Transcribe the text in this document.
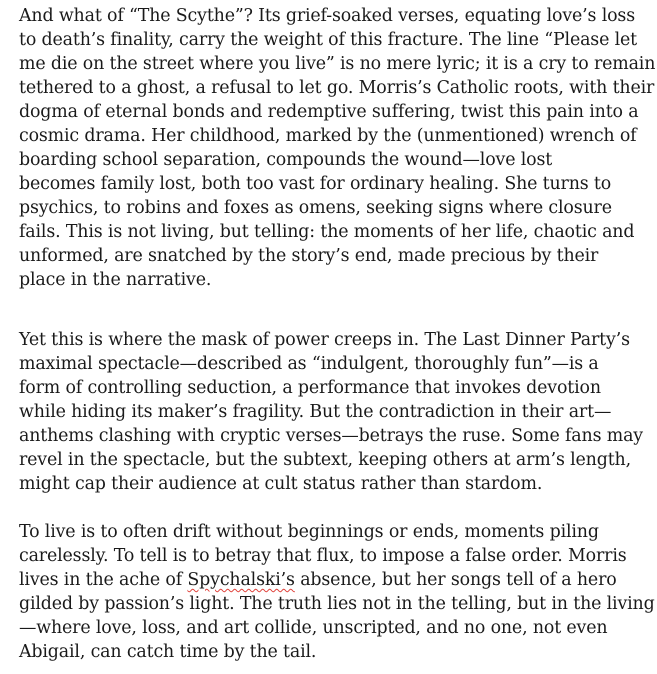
And what of “The Scythe”? Its grief-soaked verses, equating love’s loss
to death’s finality, carry the weight of this fracture. The line “Please let
me die on the street where you live” is no mere lyric; it is a cry to remain
tethered to a ghost, a refusal to let go. Morris’s Catholic roots, with their
dogma of eternal bonds and redemptive suffering, twist this pain into a
cosmic drama. Her childhood, marked by the (unmentioned) wrench of
boarding school separation, compounds the wound—love lost
becomes family lost, both too vast for ordinary healing. She turns to
psychics, to robins and foxes as omens, seeking signs where closure
fails. This is not living, but telling: the moments of her life, chaotic and
unformed, are snatched by the story’s end, made precious by their
place in the narrative.
Yet this is where the mask of power creeps in. The Last Dinner Party’s
maximal spectacle—described as “indulgent, thoroughly fun”—is a
form of controlling seduction, a performance that invokes devotion
while hiding its maker’s fragility. But the contradiction in their art—
anthems clashing with cryptic verses—betrays the ruse. Some fans may
revel in the spectacle, but the subtext, keeping others at arm’s length,
might cap their audience at cult status rather than stardom.
To live is to often drift without beginnings or ends, moments piling
carelessly. To tell is to betray that flux, to impose a false order. Morris
lives in the ache of Spychalski’s absence, but her songs tell of a hero
gilded by passion’s light. The truth lies not in the telling, but in the living
—where love, loss, and art collide, unscripted, and no one, not even
Abigail, can catch time by the tail.
